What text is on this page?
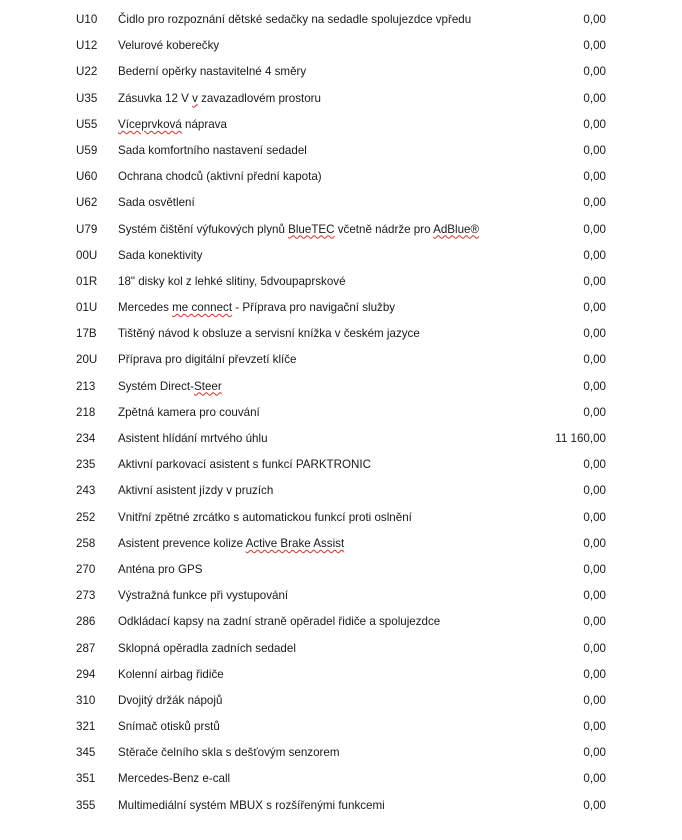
U10 Čidlo pro rozpoznání dětské sedačky na sedadle spolujezdce vpředu	0,00
U12 Velurové koberečky	0,00
U22 Bederní opěrky nastavitelné 4 směry	0,00
U35 Zásuvka 12 V v zavazadlovém prostoru	0,00
U55 Víceprvková náprava	0,00
U59 Sada komfortního nastavení sedadel	0,00
U60 Ochrana chodců (aktivní přední kapota)	0,00
U62 Sada osvětlení	0,00
U79 Systém čištění výfukových plynů BlueTEC včetně nádrže pro AdBlue®	0,00
00U Sada konektivity	0,00
01R 18" disky kol z lehké slitiny, 5dvoupaprskové	0,00
01U Mercedes me connect - Příprava pro navigační služby	0,00
17B Tištěný návod k obsluze a servisní knížka v českém jazyce	0,00
20U Příprava pro digitální převzetí klíče	0,00
213 Systém Direct-Steer	0,00
218 Zpětná kamera pro couvání	0,00
234 Asistent hlídání mrtvého úhlu	11 160,00
235 Aktivní parkovací asistent s funkcí PARKTRONIC	0,00
243 Aktivní asistent jízdy v pruzích	0,00
252 Vnitřní zpětné zrcátko s automatickou funkcí proti oslnění	0,00
258 Asistent prevence kolize Active Brake Assist	0,00
270 Anténa pro GPS	0,00
273 Výstražná funkce při vystupování	0,00
286 Odkládací kapsy na zadní straně opěradel řidiče a spolujezdce	0,00
287 Sklopná opěradla zadních sedadel	0,00
294 Kolenní airbag řidiče	0,00
310 Dvojitý držák nápojů	0,00
321 Snímač otisků prstů	0,00
345 Stěrače čelního skla s dešťovým senzorem	0,00
351 Mercedes-Benz e-call	0,00
355 Multimediální systém MBUX s rozšířenými funkcemi	0,00
